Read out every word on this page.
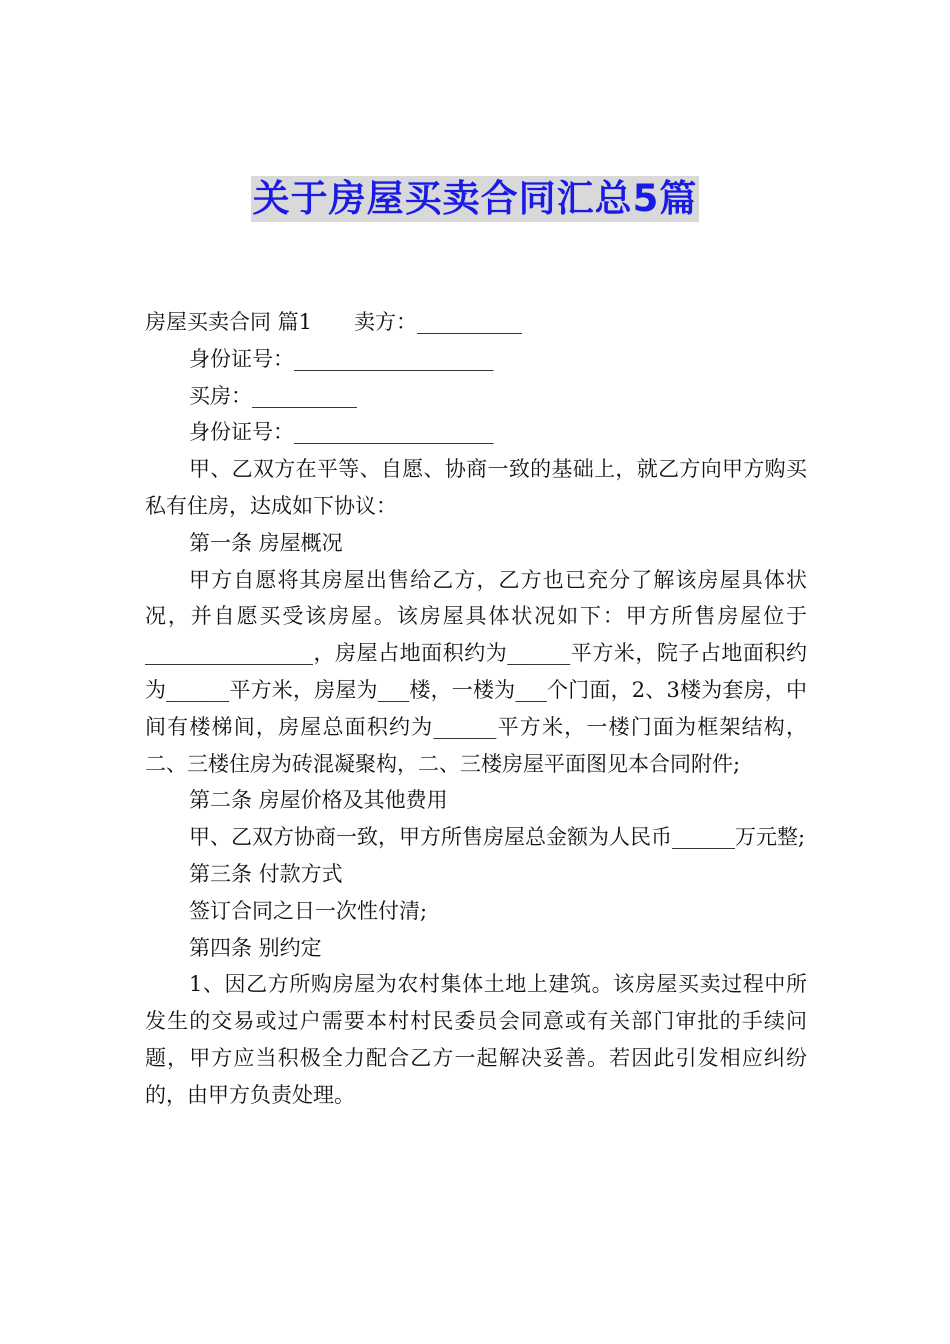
关于房屋买卖合同汇总5篇

房屋买卖合同 篇1　　卖方：__________

身份证号：___________________

买房：__________

身份证号：___________________

甲、乙双方在平等、自愿、协商一致的基础上，就乙方向甲方购买私有住房，达成如下协议：

第一条 房屋概况

甲方自愿将其房屋出售给乙方，乙方也已充分了解该房屋具体状况，并自愿买受该房屋。该房屋具体状况如下：甲方所售房屋位于________________，房屋占地面积约为______平方米，院子占地面积约为______平方米，房屋为___楼，一楼为___个门面，2、3楼为套房，中间有楼梯间，房屋总面积约为______平方米，一楼门面为框架结构，二、三楼住房为砖混凝聚构，二、三楼房屋平面图见本合同附件;

第二条 房屋价格及其他费用

甲、乙双方协商一致，甲方所售房屋总金额为人民币______万元整;

第三条 付款方式

签订合同之日一次性付清;

第四条 别约定

1、因乙方所购房屋为农村集体土地上建筑。该房屋买卖过程中所发生的交易或过户需要本村村民委员会同意或有关部门审批的手续问题，甲方应当积极全力配合乙方一起解决妥善。若因此引发相应纠纷的，由甲方负责处理。
